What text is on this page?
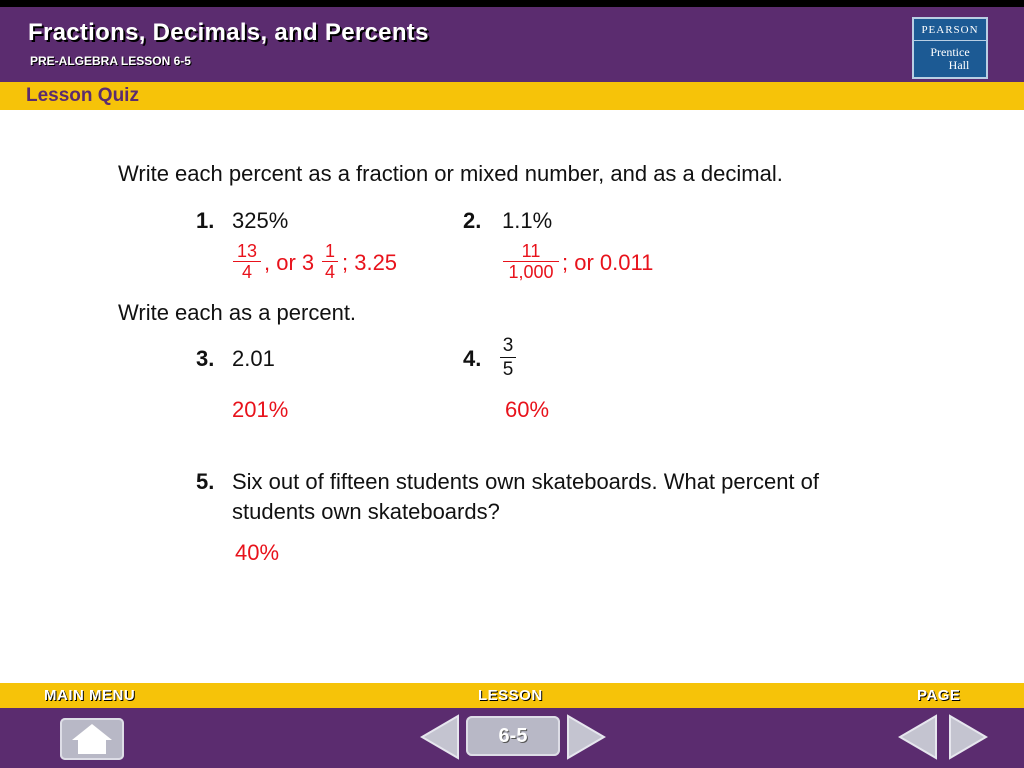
Fractions, Decimals, and Percents
PRE-ALGEBRA LESSON 6-5
PEARSON
Prentice
Hall
Lesson Quiz
Write each percent as a fraction or mixed number, and as a decimal.
1. 325%
$\frac{13}{4}$ , or $3 \frac{1}{4}$ ; 3.25
2. 1.1%
$\frac{11}{1,000}$ ; or 0.011
Write each as a percent.
3. 2.01
201%
4. $\frac{3}{5}$
60%
5. Six out of fifteen students own skateboards. What percent of
students own skateboards?
40%
MAIN MENU	LESSON	PAGE
6-5
